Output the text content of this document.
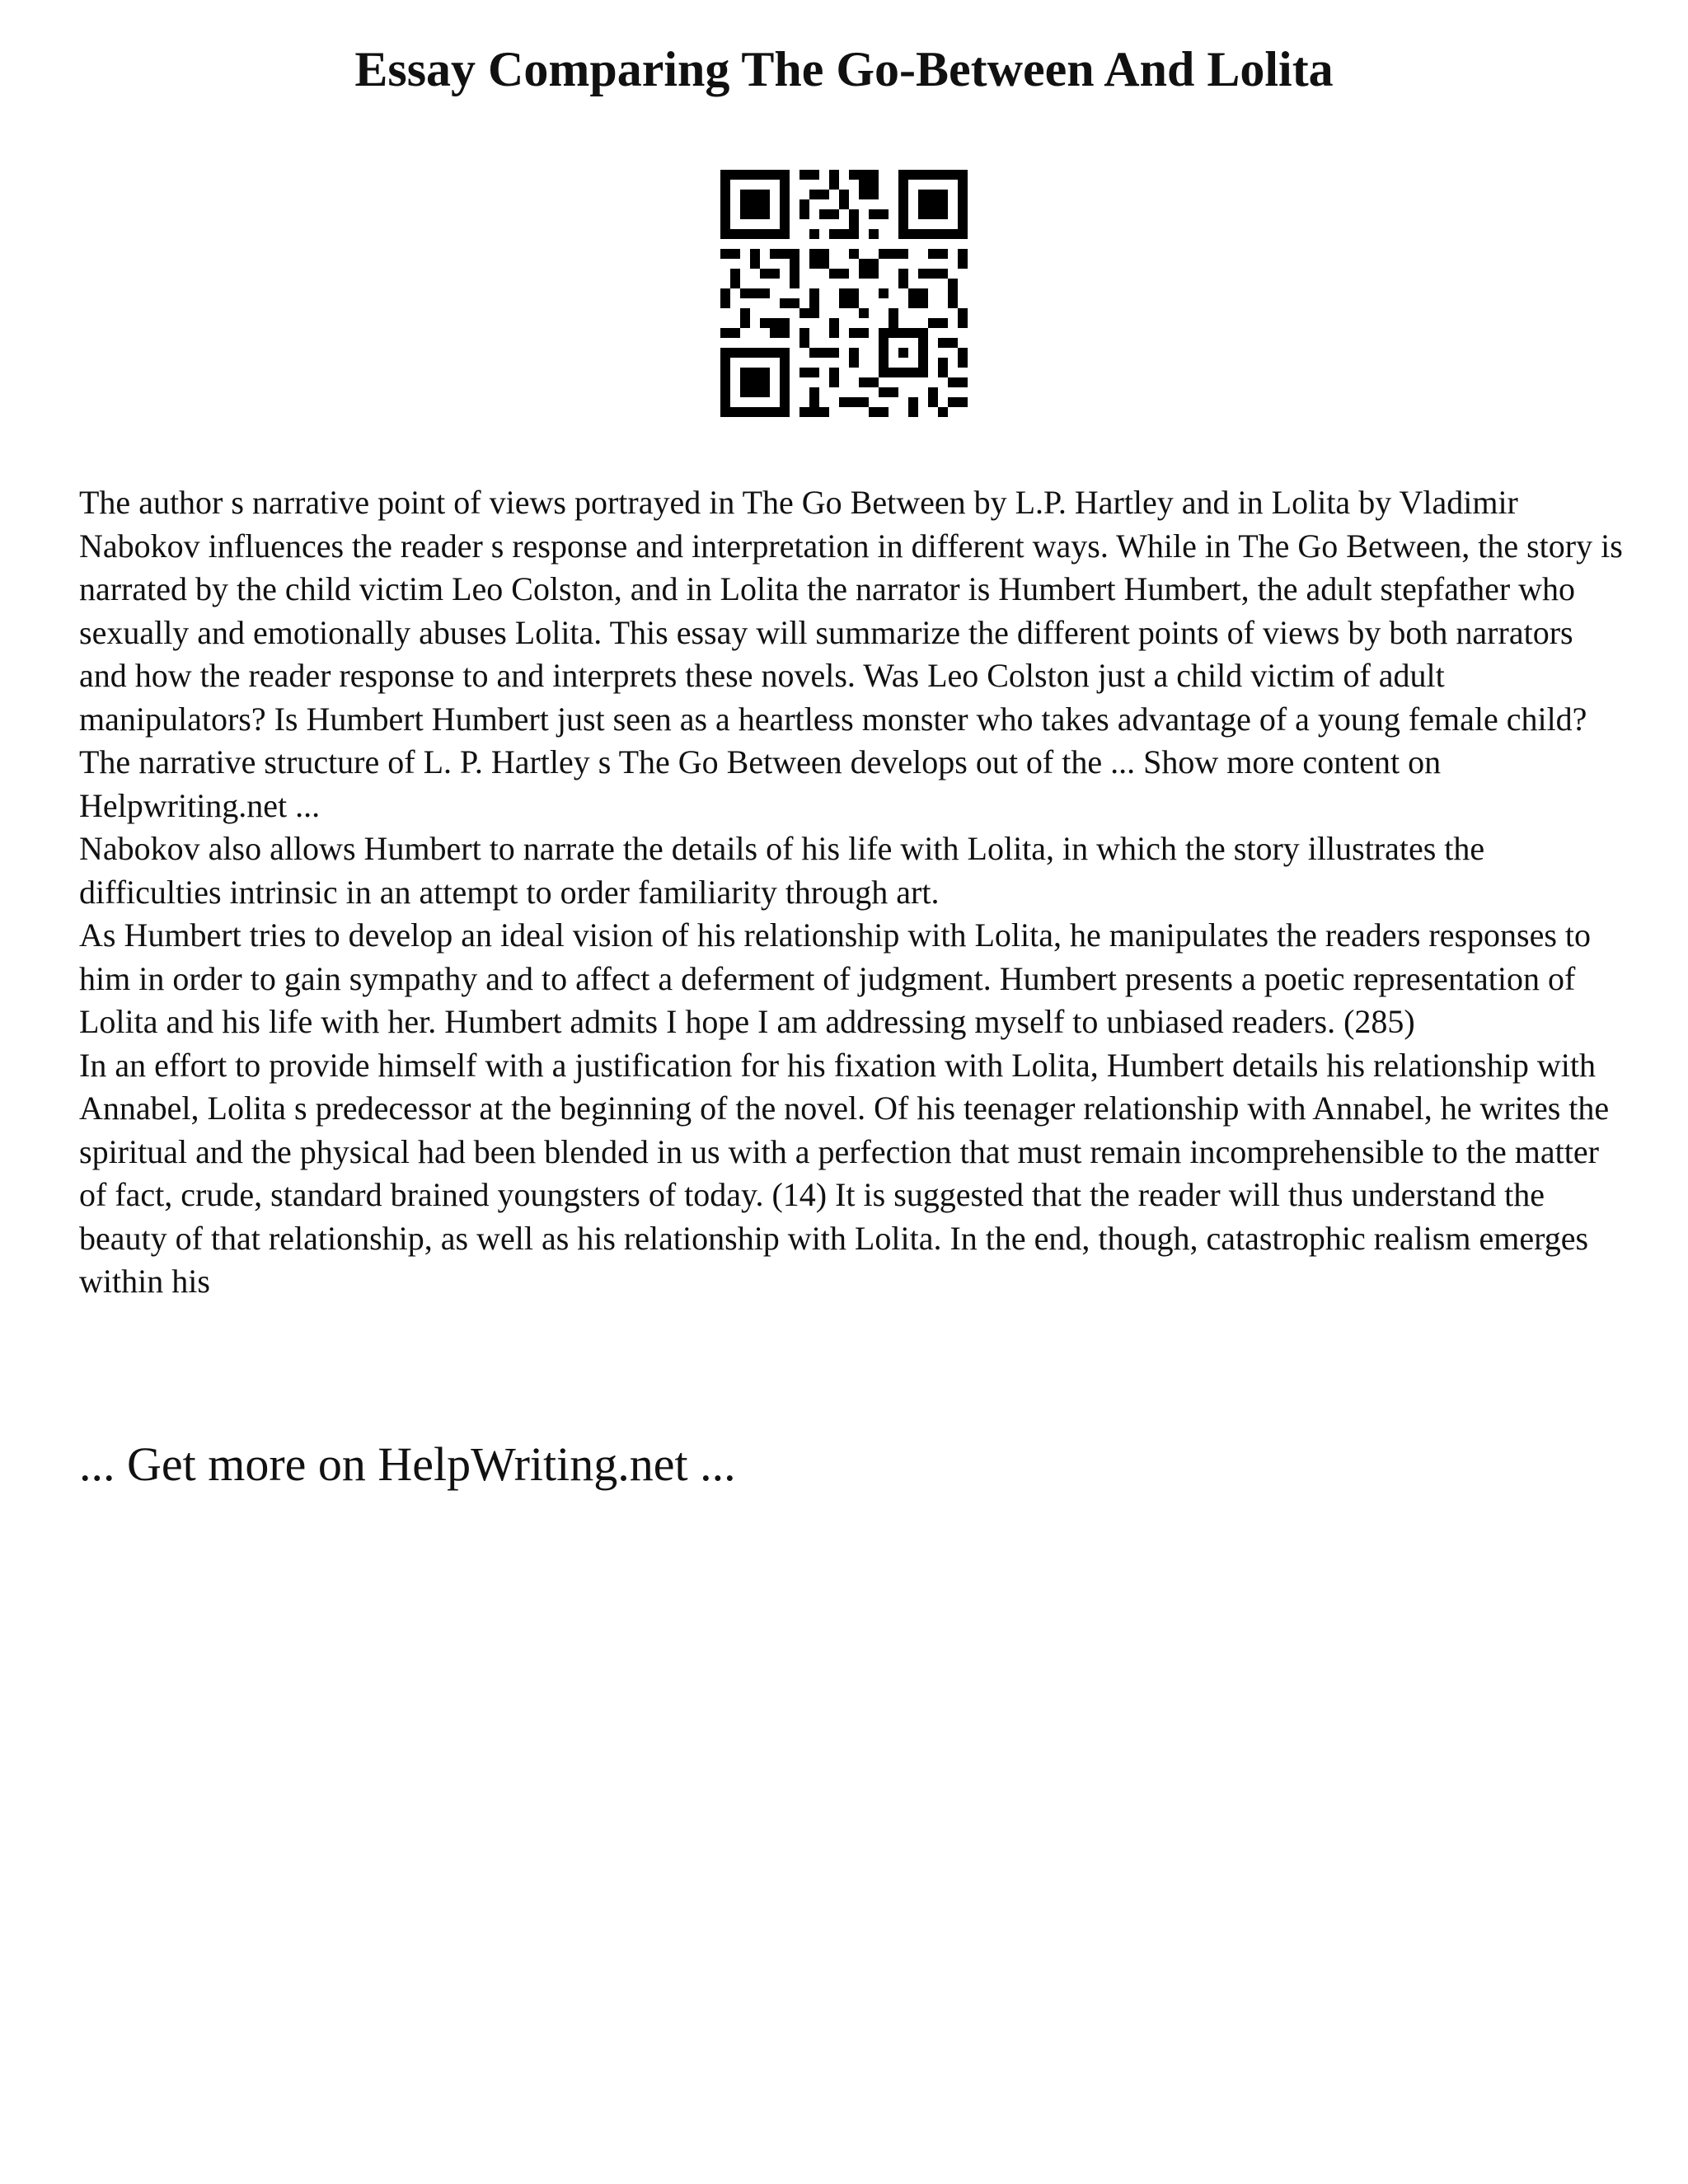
Essay Comparing The Go-Between And Lolita

The author s narrative point of views portrayed in The Go Between by L.P. Hartley and in Lolita by Vladimir Nabokov influences the reader s response and interpretation in different ways. While in The Go Between, the story is narrated by the child victim Leo Colston, and in Lolita the narrator is Humbert Humbert, the adult stepfather who sexually and emotionally abuses Lolita. This essay will summarize the different points of views by both narrators and how the reader response to and interprets these novels. Was Leo Colston just a child victim of adult manipulators? Is Humbert Humbert just seen as a heartless monster who takes advantage of a young female child?

The narrative structure of L. P. Hartley s The Go Between develops out of the ... Show more content on Helpwriting.net ...

Nabokov also allows Humbert to narrate the details of his life with Lolita, in which the story illustrates the difficulties intrinsic in an attempt to order familiarity through art.

As Humbert tries to develop an ideal vision of his relationship with Lolita, he manipulates the readers responses to him in order to gain sympathy and to affect a deferment of judgment. Humbert presents a poetic representation of Lolita and his life with her. Humbert admits I hope I am addressing myself to unbiased readers. (285)

In an effort to provide himself with a justification for his fixation with Lolita, Humbert details his relationship with Annabel, Lolita s predecessor at the beginning of the novel. Of his teenager relationship with Annabel, he writes the spiritual and the physical had been blended in us with a perfection that must remain incomprehensible to the matter of fact, crude, standard brained youngsters of today. (14) It is suggested that the reader will thus understand the beauty of that relationship, as well as his relationship with Lolita. In the end, though, catastrophic realism emerges within his

... Get more on HelpWriting.net ...
